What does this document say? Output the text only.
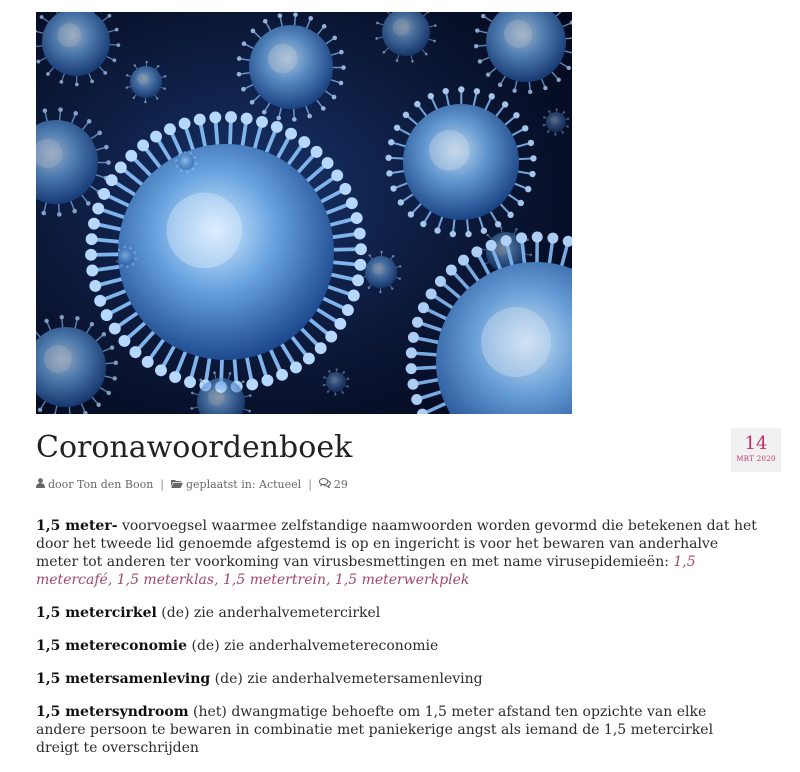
Coronawoordenboek	14
MRT 2020
door Ton den Boon | geplaatst in:
Actueel | 29

1,5 meter- voorvoegsel waarmee zelfstandige naamwoorden worden gevormd die betekenen dat het door het tweede lid genoemde afgestemd is op en ingericht is voor het bewaren van anderhalve meter tot anderen ter voorkoming van virusbesmettingen en met name virusepidemieën: 1,5 metercafé, 1,5 meterklas, 1,5 metertrein, 1,5 meterwerkplek

1,5 metercirkel (de) zie anderhalvemetercirkel

1,5 metereconomie (de) zie anderhalvemetereconomie

1,5 metersamenleving (de) zie anderhalvemetersamenleving

1,5 metersyndroom (het) dwangmatige behoefte om 1,5 meter afstand ten opzichte van elke andere persoon te bewaren in combinatie met paniekerige angst als iemand de 1,5 metercirkel dreigt te overschrijden
